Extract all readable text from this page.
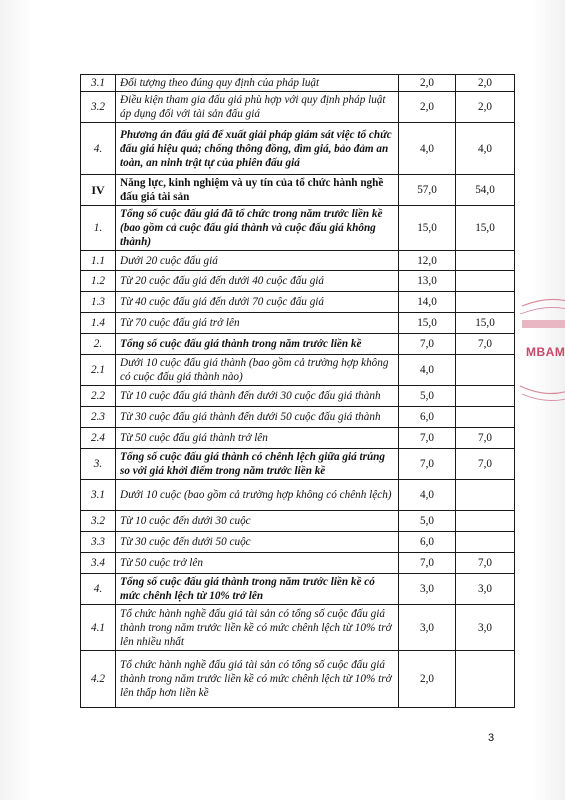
3.1	Đối tượng theo đúng quy định của pháp luật	2,0	2,0
3.2	Điều kiện tham gia đấu giá phù hợp với quy định pháp luật áp dụng đối với tài sản đấu giá	2,0	2,0
4.	Phương án đấu giá để xuất giải pháp giám sát việc tổ chức đấu giá hiệu quả; chống thông đồng, dìm giá, bảo đảm an toàn, an ninh trật tự của phiên đấu giá	4,0	4,0
IV	Năng lực, kinh nghiệm và uy tín của tổ chức hành nghề đấu giá tài sản	57,0	54,0
1.	Tổng số cuộc đấu giá đã tổ chức trong năm trước liền kề (bao gồm cả cuộc đấu giá thành và cuộc đấu giá không thành)	15,0	15,0
1.1	Dưới 20 cuộc đấu giá	12,0	
1.2	Từ 20 cuộc đấu giá đến dưới 40 cuộc đấu giá	13,0	
1.3	Từ 40 cuộc đấu giá đến dưới 70 cuộc đấu giá	14,0	
1.4	Từ 70 cuộc đấu giá trở lên	15,0	15,0
2.	Tổng số cuộc đấu giá thành trong năm trước liền kề	7,0	7,0
2.1	Dưới 10 cuộc đấu giá thành (bao gồm cả trường hợp không có cuộc đấu giá thành nào)	4,0	
2.2	Từ 10 cuộc đấu giá thành đến dưới 30 cuộc đấu giá thành	5,0	
2.3	Từ 30 cuộc đấu giá thành đến dưới 50 cuộc đấu giá thành	6,0	
2.4	Từ 50 cuộc đấu giá thành trở lên	7,0	7,0
3.	Tổng số cuộc đấu giá thành có chênh lệch giữa giá trúng so với giá khởi điểm trong năm trước liền kề	7,0	7,0
3.1	Dưới 10 cuộc (bao gồm cả trường hợp không có chênh lệch)	4,0	
3.2	Từ 10 cuộc đến dưới 30 cuộc	5,0	
3.3	Từ 30 cuộc đến dưới 50 cuộc	6,0	
3.4	Từ 50 cuộc trở lên	7,0	7,0
4.	Tổng số cuộc đấu giá thành trong năm trước liền kề có mức chênh lệch từ 10% trở lên	3,0	3,0
4.1	Tổ chức hành nghề đấu giá tài sản có tổng số cuộc đấu giá thành trong năm trước liền kề có mức chênh lệch từ 10% trở lên nhiều nhất	3,0	3,0
4.2	Tổ chức hành nghề đấu giá tài sản có tổng số cuộc đấu giá thành trong năm trước liền kề có mức chênh lệch từ 10% trở lên thấp hơn liền kề	2,0	
3
MBAM
